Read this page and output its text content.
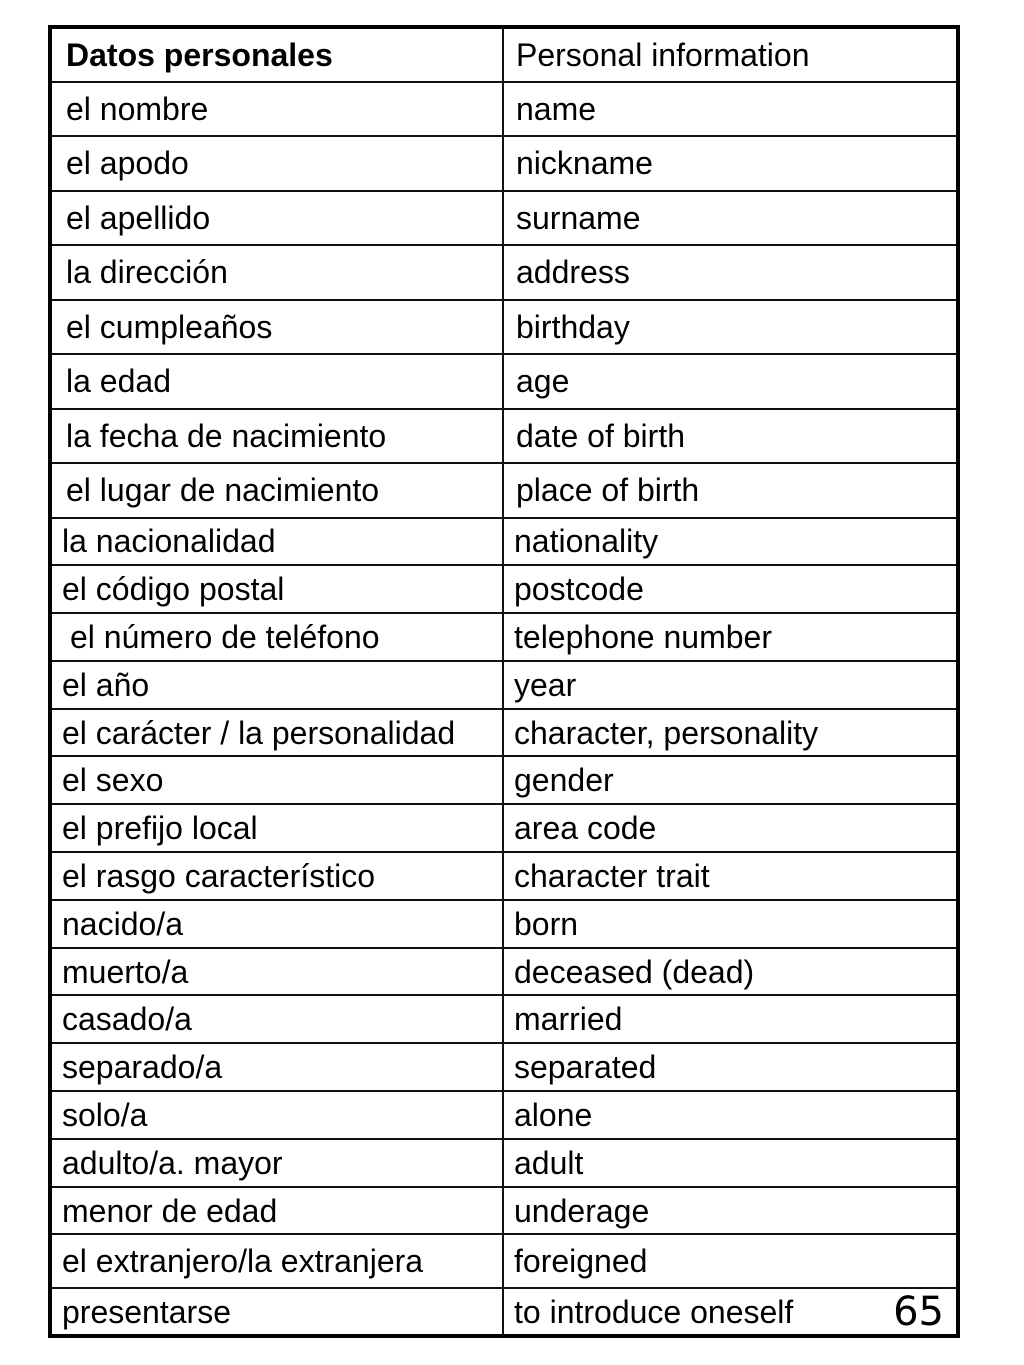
Datos personales	Personal information
el nombre	name
el apodo	nickname
el apellido	surname
la dirección	address
el cumpleaños	birthday
la edad	age
la fecha de nacimiento	date of birth
el lugar de nacimiento	place of birth
la nacionalidad	nationality
el código postal	postcode
el número de teléfono	telephone number
el año	year
el carácter / la personalidad	character, personality
el sexo	gender
el prefijo local	area code
el rasgo característico	character trait
nacido/a	born
muerto/a	deceased (dead)
casado/a	married
separado/a	separated
solo/a	alone
adulto/a. mayor	adult
menor de edad	underage
el extranjero/la extranjera	foreigned
presentarse	to introduce oneself 65
